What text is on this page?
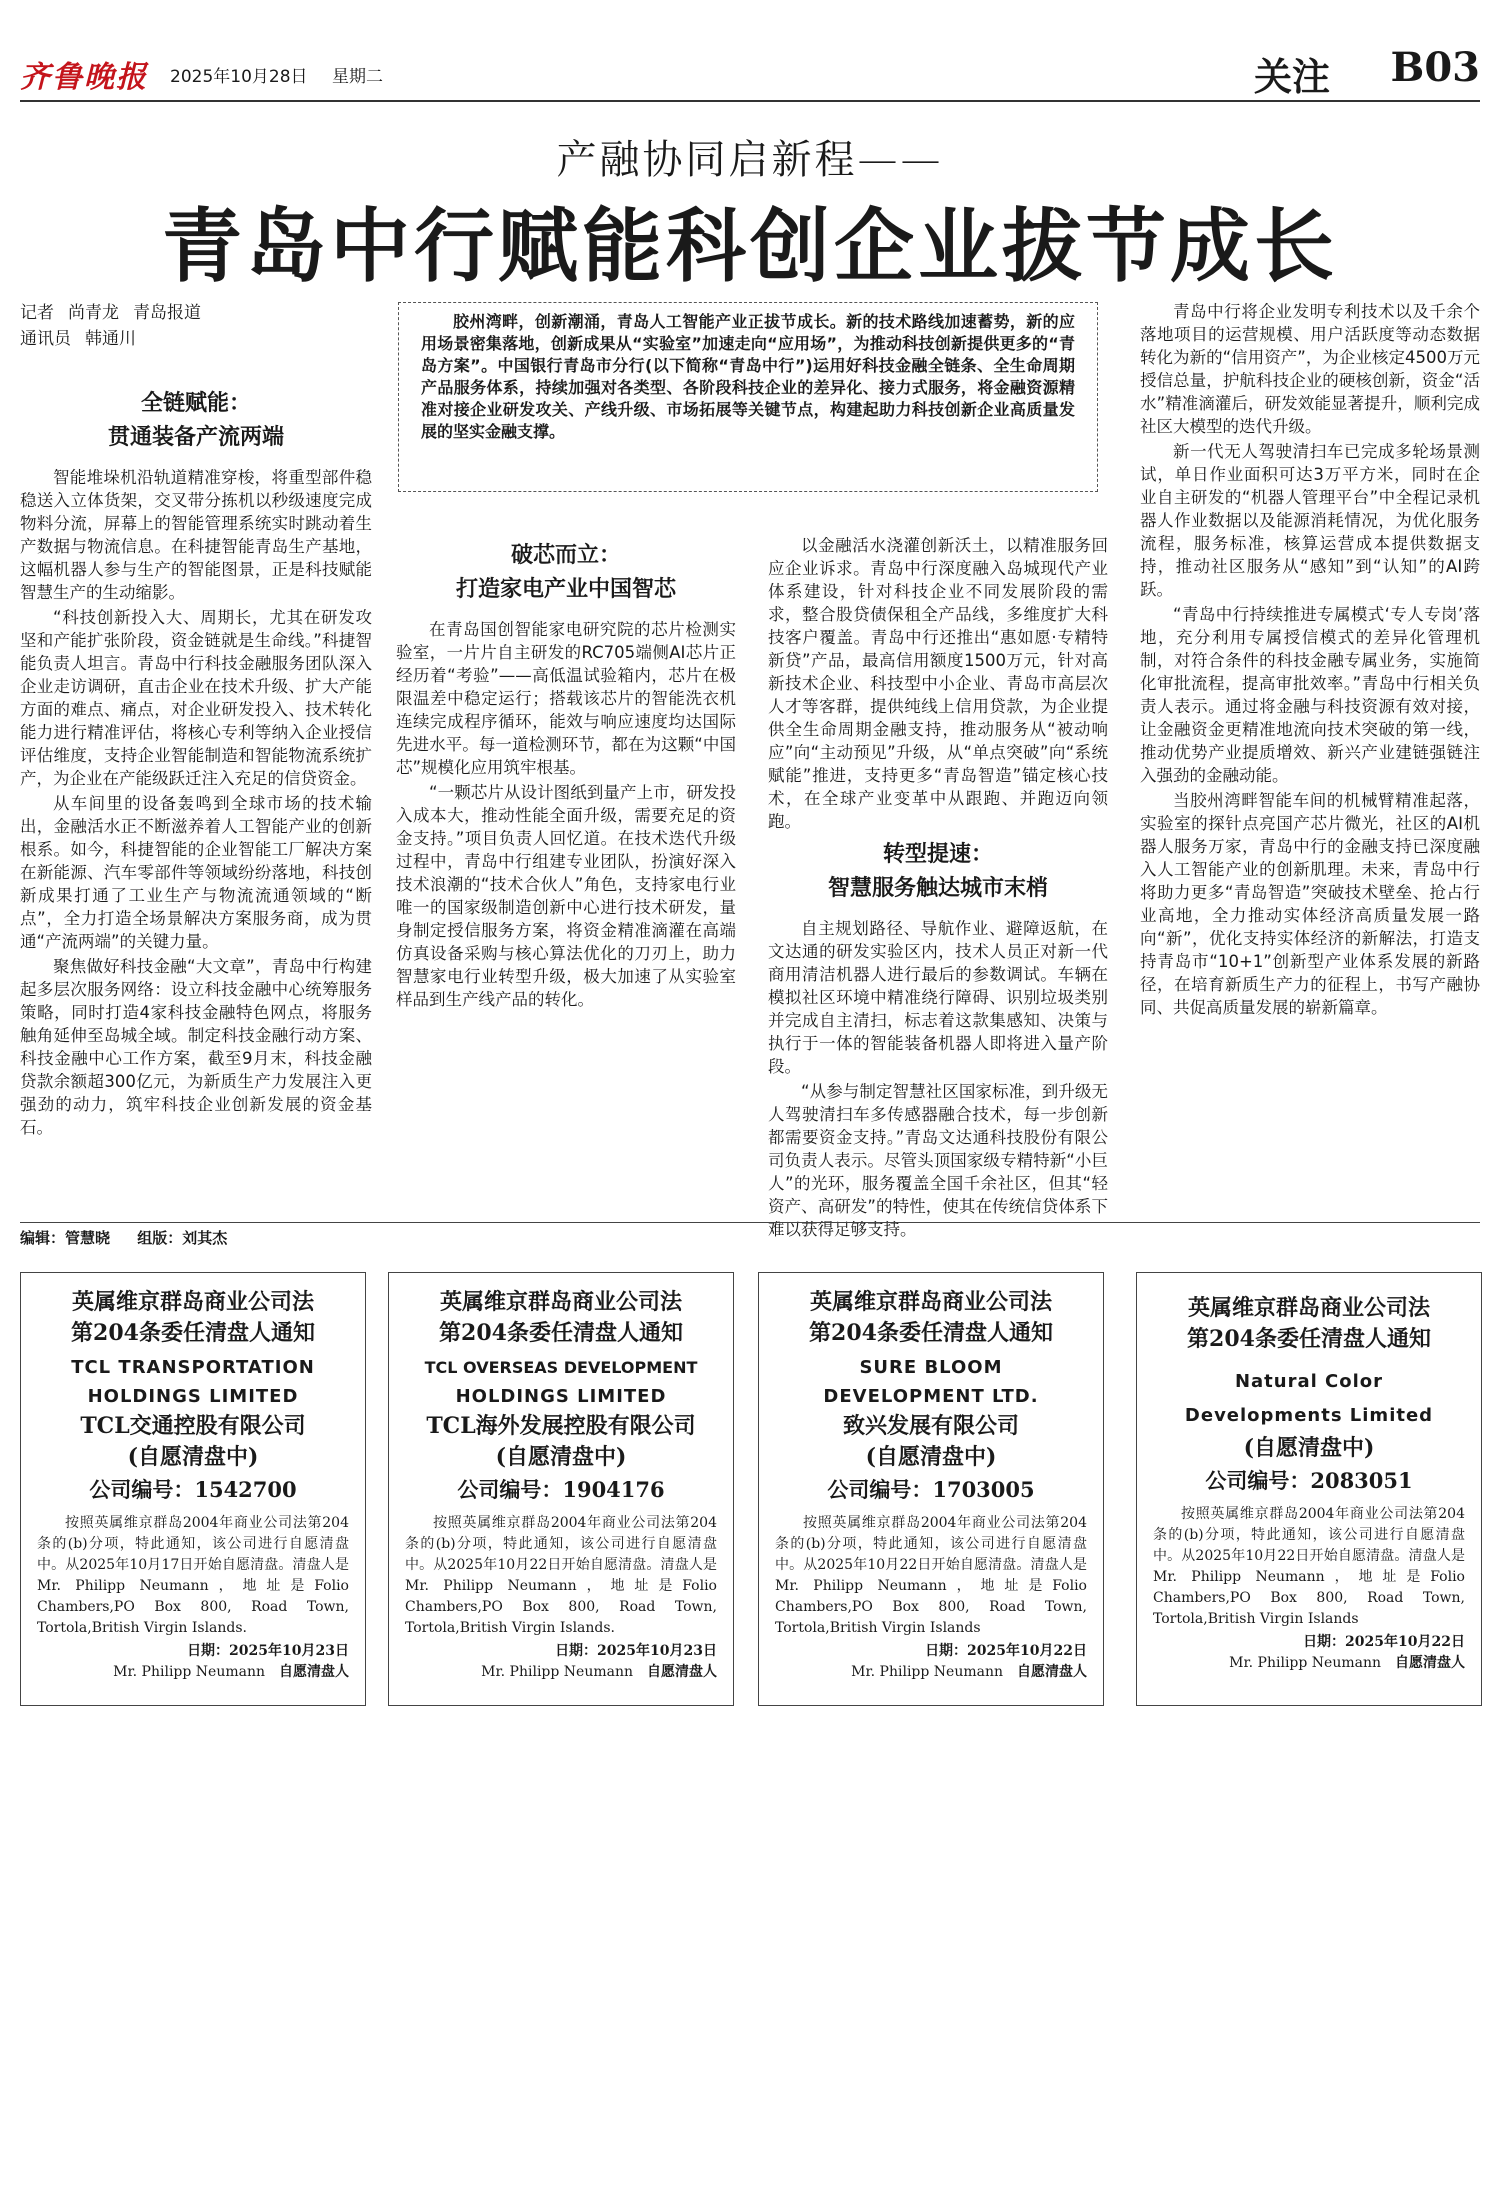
齐鲁晚报 2025年10月28日 星期二	关注 B03
产融协同启新程——
青岛中行赋能科创企业拔节成长
记者 尚青龙 青岛报道
通讯员 韩通川

胶州湾畔，创新潮涌，青岛人工智能产业正拔节成长。新的技术路线加速蓄势，新的应用场景密集落地，创新成果从“实验室”加速走向“应用场”，为推动科技创新提供更多的“青岛方案”。中国银行青岛市分行(以下简称“青岛中行”)运用好科技金融全链条、全生命周期产品服务体系，持续加强对各类型、各阶段科技企业的差异化、接力式服务，将金融资源精准对接企业研发攻关、产线升级、市场拓展等关键节点，构建起助力科技创新企业高质量发展的坚实金融支撑。

全链赋能：
贯通装备产流两端

智能堆垛机沿轨道精准穿梭，将重型部件稳稳送入立体货架，交叉带分拣机以秒级速度完成物料分流，屏幕上的智能管理系统实时跳动着生产数据与物流信息。在科捷智能青岛生产基地，这幅机器人参与生产的智能图景，正是科技赋能智慧生产的生动缩影。

“科技创新投入大、周期长，尤其在研发攻坚和产能扩张阶段，资金链就是生命线。”科捷智能负责人坦言。青岛中行科技金融服务团队深入企业走访调研，直击企业在技术升级、扩大产能方面的难点、痛点，对企业研发投入、技术转化能力进行精准评估，将核心专利等纳入企业授信评估维度，支持企业智能制造和智能物流系统扩产，为企业在产能级跃迁注入充足的信贷资金。

从车间里的设备轰鸣到全球市场的技术输出，金融活水正不断滋养着人工智能产业的创新根系。如今，科捷智能的企业智能工厂解决方案在新能源、汽车零部件等领域纷纷落地，科技创新成果打通了工业生产与物流流通领域的“断点”，全力打造全场景解决方案服务商，成为贯通“产流两端”的关键力量。

聚焦做好科技金融“大文章”，青岛中行构建起多层次服务网络：设立科技金融中心统筹服务策略，同时打造4家科技金融特色网点，将服务触角延伸至岛城全域。制定科技金融行动方案、科技金融中心工作方案，截至9月末，科技金融贷款余额超300亿元，为新质生产力发展注入更强劲的动力，筑牢科技企业创新发展的资金基石。

破芯而立：
打造家电产业中国智芯

在青岛国创智能家电研究院的芯片检测实验室，一片片自主研发的RC705端侧AI芯片正经历着“考验”——高低温试验箱内，芯片在极限温差中稳定运行；搭载该芯片的智能洗衣机连续完成程序循环，能效与响应速度均达国际先进水平。每一道检测环节，都在为这颗“中国芯”规模化应用筑牢根基。

“一颗芯片从设计图纸到量产上市，研发投入成本大，推动性能全面升级，需要充足的资金支持。”项目负责人回忆道。在技术迭代升级过程中，青岛中行组建专业团队，扮演好深入技术浪潮的“技术合伙人”角色，支持家电行业唯一的国家级制造创新中心进行技术研发，量身制定授信服务方案，将资金精准滴灌在高端仿真设备采购与核心算法优化的刀刃上，助力智慧家电行业转型升级，极大加速了从实验室样品到生产线产品的转化。

以金融活水浇灌创新沃土，以精准服务回应企业诉求。青岛中行深度融入岛城现代产业体系建设，针对科技企业不同发展阶段的需求，整合股贷债保租全产品线，多维度扩大科技客户覆盖。青岛中行还推出“惠如愿·专精特新贷”产品，最高信用额度1500万元，针对高新技术企业、科技型中小企业、青岛市高层次人才等客群，提供纯线上信用贷款，为企业提供全生命周期金融支持，推动服务从“被动响应”向“主动预见”升级，从“单点突破”向“系统赋能”推进，支持更多“青岛智造”锚定核心技术，在全球产业变革中从跟跑、并跑迈向领跑。

转型提速：
智慧服务触达城市末梢

自主规划路径、导航作业、避障返航，在文达通的研发实验区内，技术人员正对新一代商用清洁机器人进行最后的参数调试。车辆在模拟社区环境中精准绕行障碍、识别垃圾类别并完成自主清扫，标志着这款集感知、决策与执行于一体的智能装备机器人即将进入量产阶段。

“从参与制定智慧社区国家标准，到升级无人驾驶清扫车多传感器融合技术，每一步创新都需要资金支持。”青岛文达通科技股份有限公司负责人表示。尽管头顶国家级专精特新“小巨人”的光环，服务覆盖全国千余社区，但其“轻资产、高研发”的特性，使其在传统信贷体系下难以获得足够支持。

青岛中行将企业发明专利技术以及千余个落地项目的运营规模、用户活跃度等动态数据转化为新的“信用资产”，为企业核定4500万元授信总量，护航科技企业的硬核创新，资金“活水”精准滴灌后，研发效能显著提升，顺利完成社区大模型的迭代升级。

新一代无人驾驶清扫车已完成多轮场景测试，单日作业面积可达3万平方米，同时在企业自主研发的“机器人管理平台”中全程记录机器人作业数据以及能源消耗情况，为优化服务流程，服务标准，核算运营成本提供数据支持，推动社区服务从“感知”到“认知”的AI跨跃。

“青岛中行持续推进专属模式‘专人专岗’落地，充分利用专属授信模式的差异化管理机制，对符合条件的科技金融专属业务，实施简化审批流程，提高审批效率。”青岛中行相关负责人表示。通过将金融与科技资源有效对接，让金融资金更精准地流向技术突破的第一线，推动优势产业提质增效、新兴产业建链强链注入强劲的金融动能。

当胶州湾畔智能车间的机械臂精准起落，实验室的探针点亮国产芯片微光，社区的AI机器人服务万家，青岛中行的金融支持已深度融入人工智能产业的创新肌理。未来，青岛中行将助力更多“青岛智造”突破技术壁垒、抢占行业高地，全力推动实体经济高质量发展一路向“新”，优化支持实体经济的新解法，打造支持青岛市“10+1”创新型产业体系发展的新路径，在培育新质生产力的征程上，书写产融协同、共促高质量发展的崭新篇章。

编辑：管慧晓 组版：刘其杰
英属维京群岛商业公司法
第204条委任清盘人通知
TCL TRANSPORTATION
HOLDINGS LIMITED
TCL交通控股有限公司
(自愿清盘中)
公司编号：1542700

按照英属维京群岛2004年商业公司法第204条的(b)分项，特此通知，该公司进行自愿清盘中。从2025年10月17日开始自愿清盘。清盘人是Mr. Philipp Neumann，地址是Folio Chambers,PO Box 800, Road Town, Tortola,British Virgin Islands.

日期：2025年10月23日
Mr. Philipp Neumann 自愿清盘人
英属维京群岛商业公司法
第204条委任清盘人通知
TCL OVERSEAS DEVELOPMENT
HOLDINGS LIMITED
TCL海外发展控股有限公司
(自愿清盘中)
公司编号：1904176

按照英属维京群岛2004年商业公司法第204条的(b)分项，特此通知，该公司进行自愿清盘中。从2025年10月22日开始自愿清盘。清盘人是Mr. Philipp Neumann，地址是Folio Chambers,PO Box 800, Road Town, Tortola,British Virgin Islands.

日期：2025年10月23日
Mr. Philipp Neumann 自愿清盘人
英属维京群岛商业公司法
第204条委任清盘人通知
SURE BLOOM
DEVELOPMENT LTD.
致兴发展有限公司
(自愿清盘中)
公司编号：1703005

按照英属维京群岛2004年商业公司法第204条的(b)分项，特此通知，该公司进行自愿清盘中。从2025年10月22日开始自愿清盘。清盘人是Mr. Philipp Neumann，地址是Folio Chambers,PO Box 800, Road Town, Tortola,British Virgin Islands

日期：2025年10月22日
Mr. Philipp Neumann 自愿清盘人
英属维京群岛商业公司法
第204条委任清盘人通知
Natural Color
Developments Limited
(自愿清盘中)
公司编号：2083051

按照英属维京群岛2004年商业公司法第204条的(b)分项，特此通知，该公司进行自愿清盘中。从2025年10月22日开始自愿清盘。清盘人是Mr. Philipp Neumann，地址是Folio Chambers,PO Box 800, Road Town, Tortola,British Virgin Islands

日期：2025年10月22日
Mr. Philipp Neumann 自愿清盘人
